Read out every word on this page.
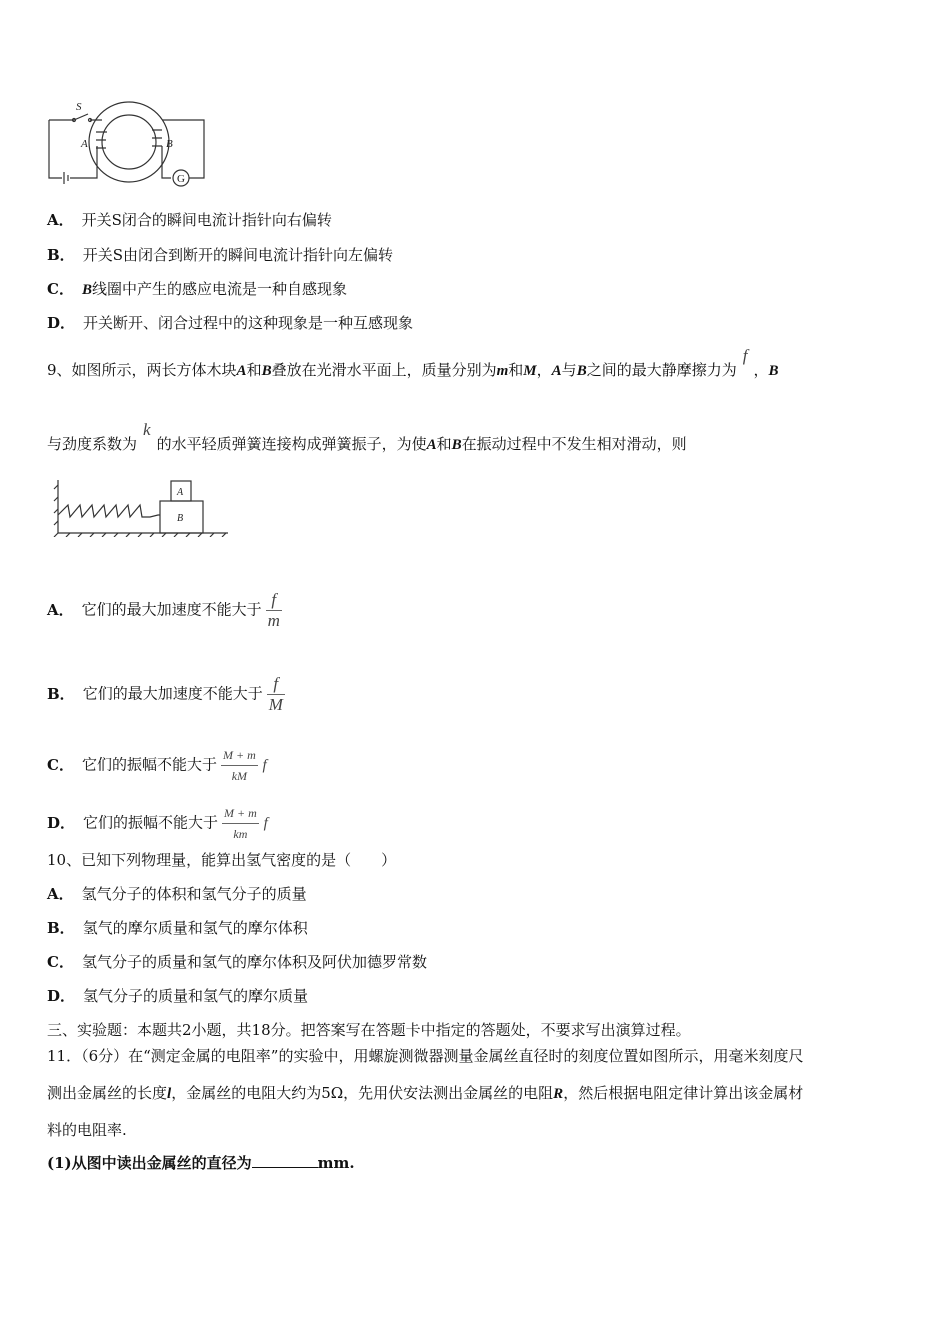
S
A	B
G
A． 开关S闭合的瞬间电流计指针向右偏转
B． 开关S由闭合到断开的瞬间电流计指针向左偏转
C． B线圈中产生的感应电流是一种自感现象
D． 开关断开、闭合过程中的这种现象是一种互感现象
9、如图所示，两长方体木块A和B叠放在光滑水平面上，质量分别为m和M，A与B之间的最大静摩擦力为f，B
与劲度系数为k的水平轻质弹簧连接构成弹簧振子，为使A和B在振动过程中不发生相对滑动，则
A
B
A． 它们的最大加速度不能大于 $\frac{f}{m}$
B． 它们的最大加速度不能大于 $\frac{f}{M}$
C． 它们的振幅不能大于 $\frac{M + m}{kM}$ f
D． 它们的振幅不能大于 $\frac{M + m}{km}$ f
10、已知下列物理量，能算出氢气密度的是（　　）
A． 氢气分子的体积和氢气分子的质量
B． 氢气的摩尔质量和氢气的摩尔体积
C． 氢气分子的质量和氢气的摩尔体积及阿伏加德罗常数
D． 氢气分子的质量和氢气的摩尔质量
三、实验题：本题共2小题，共18分。把答案写在答题卡中指定的答题处，不要求写出演算过程。
11．（6分）在“测定金属的电阻率”的实验中，用螺旋测微器测量金属丝直径时的刻度位置如图所示，用毫米刻度尺
测出金属丝的长度l，金属丝的电阻大约为5Ω，先用伏安法测出金属丝的电阻R，然后根据电阻定律计算出该金属材
料的电阻率.
(1)从图中读出金属丝的直径为	mm.
